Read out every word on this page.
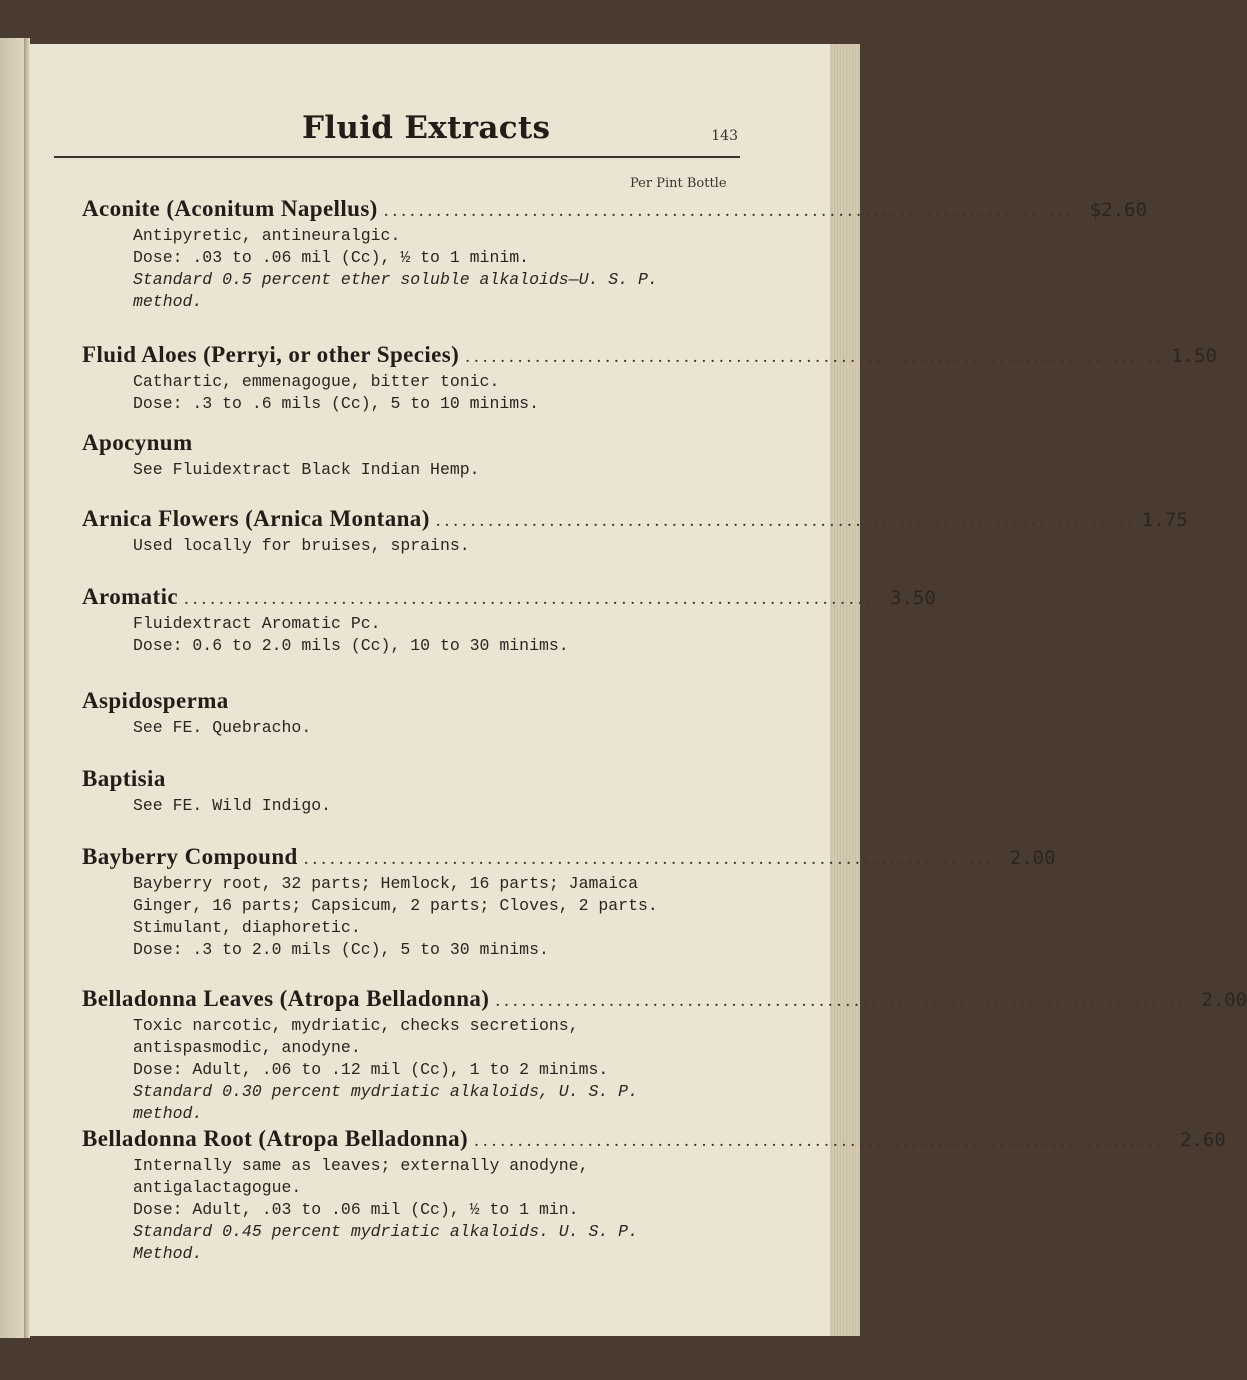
Fluid Extracts	143
Per Pint Bottle
Aconite (Aconitum Napellus) ................................................................................ $2.60
Antipyretic, antineuralgic.
Dose: .03 to .06 mil (Cc), ½ to 1 minim.
Standard 0.5 percent ether soluble alkaloids—U. S. P. method.
Fluid Aloes (Perryi, or other Species) ................................................................................ 1.50
Cathartic, emmenagogue, bitter tonic.
Dose: .3 to .6 mils (Cc), 5 to 10 minims.
Apocynum
See Fluidextract Black Indian Hemp.
Arnica Flowers (Arnica Montana) ................................................................................ 1.75
Used locally for bruises, sprains.
Aromatic ................................................................................ 3.50
Fluidextract Aromatic Pc.
Dose: 0.6 to 2.0 mils (Cc), 10 to 30 minims.
Aspidosperma
See FE. Quebracho.
Baptisia
See FE. Wild Indigo.
Bayberry Compound ................................................................................ 2.00
Bayberry root, 32 parts; Hemlock, 16 parts; Jamaica Ginger, 16 parts; Capsicum, 2 parts; Cloves, 2 parts.
Stimulant, diaphoretic.
Dose: .3 to 2.0 mils (Cc), 5 to 30 minims.
Belladonna Leaves (Atropa Belladonna) ................................................................................ 2.00
Toxic narcotic, mydriatic, checks secretions, antispasmodic, anodyne.
Dose: Adult, .06 to .12 mil (Cc), 1 to 2 minims.
Standard 0.30 percent mydriatic alkaloids, U. S. P. method.
Belladonna Root (Atropa Belladonna) ................................................................................ 2.60
Internally same as leaves; externally anodyne, antigalactagogue.
Dose: Adult, .03 to .06 mil (Cc), ½ to 1 min.
Standard 0.45 percent mydriatic alkaloids. U. S. P. Method.
